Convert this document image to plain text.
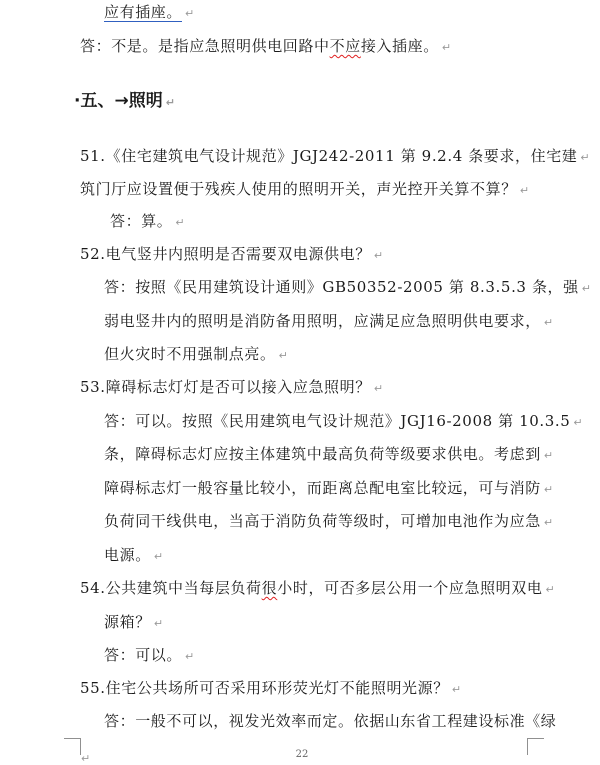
应有插座。 ↵
答：不是。是指应急照明供电回路中不应接入插座。 ↵
·五、→照明 ↵
51.《住宅建筑电气设计规范》JGJ242-2011 第 9.2.4 条要求，住宅建 ↵
筑门厅应设置便于残疾人使用的照明开关，声光控开关算不算？ ↵
答：算。 ↵
52.电气竖井内照明是否需要双电源供电？ ↵
答：按照《民用建筑设计通则》GB50352-2005 第 8.3.5.3 条，强 ↵
弱电竖井内的照明是消防备用照明，应满足应急照明供电要求， ↵
但火灾时不用强制点亮。 ↵
53.障碍标志灯灯是否可以接入应急照明？ ↵
答：可以。按照《民用建筑电气设计规范》JGJ16-2008 第 10.3.5 ↵
条，障碍标志灯应按主体建筑中最高负荷等级要求供电。考虑到 ↵
障碍标志灯一般容量比较小，而距离总配电室比较远，可与消防 ↵
负荷同干线供电，当高于消防负荷等级时，可增加电池作为应急 ↵
电源。 ↵
54.公共建筑中当每层负荷很小时，可否多层公用一个应急照明双电 ↵
源箱？ ↵
答：可以。 ↵
55.住宅公共场所可否采用环形荧光灯不能照明光源？ ↵
答：一般不可以，视发光效率而定。依据山东省工程建设标准《绿
↵	22
